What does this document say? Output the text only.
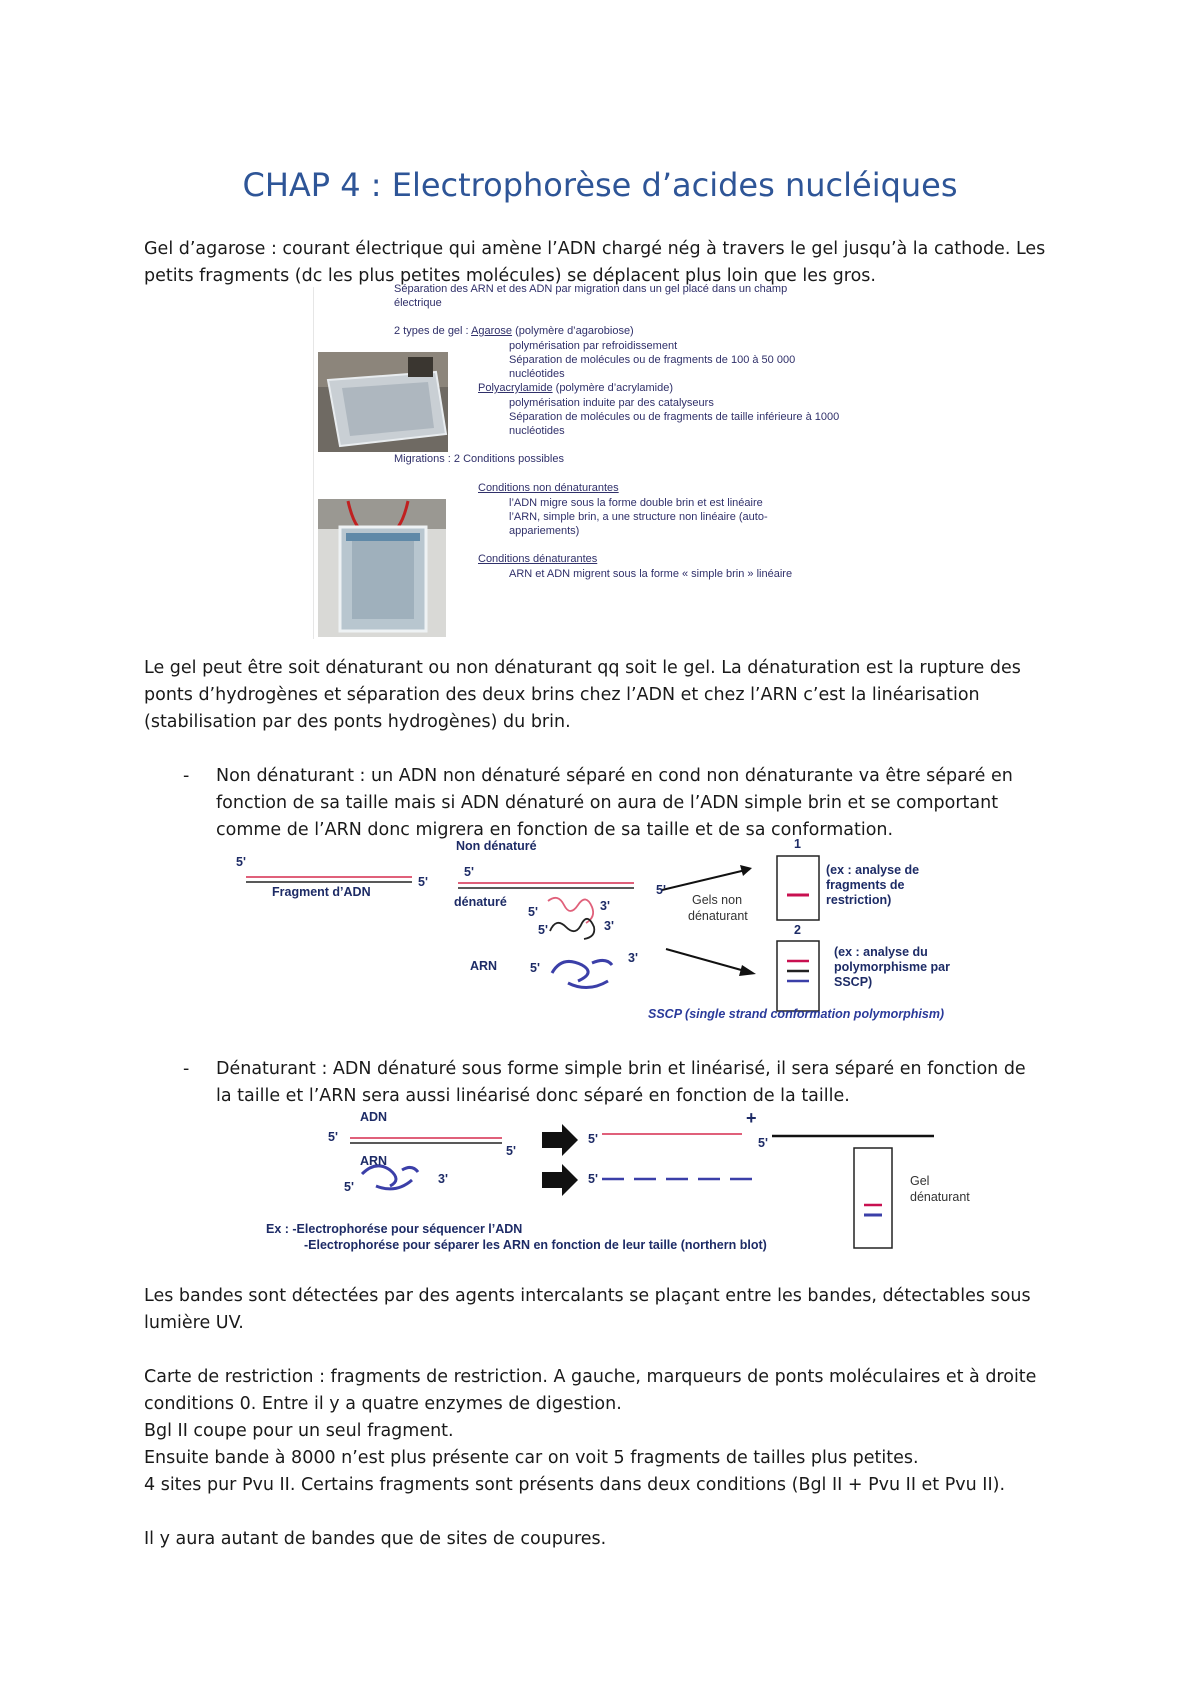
CHAP 4 : Electrophorèse d’acides nucléiques
Gel d’agarose : courant électrique qui amène l’ADN chargé nég à travers le gel jusqu’à la cathode. Les
petits fragments (dc les plus petites molécules) se déplacent plus loin que les gros.
Séparation des ARN et des ADN par migration dans un gel placé dans un champ
électrique
2 types de gel : Agarose (polymère d’agarobiose)
polymérisation par refroidissement
Séparation de molécules ou de fragments de 100 à 50 000
nucléotides
Polyacrylamide (polymère d’acrylamide)
polymérisation induite par des catalyseurs
Séparation de molécules ou de fragments de taille inférieure à 1000
nucléotides
Migrations : 2 Conditions possibles
Conditions non dénaturantes
l’ADN migre sous la forme double brin et est linéaire
l’ARN, simple brin, a une structure non linéaire (auto-
appariements)
Conditions dénaturantes
ARN et ADN migrent sous la forme « simple brin » linéaire
Le gel peut être soit dénaturant ou non dénaturant qq soit le gel. La dénaturation est la rupture des
ponts d’hydrogènes et séparation des deux brins chez l’ADN et chez l’ARN c’est la linéarisation
(stabilisation par des ponts hydrogènes) du brin.
- Non dénaturant : un ADN non dénaturé séparé en cond non dénaturante va être séparé en
fonction de sa taille mais si ADN dénaturé on aura de l’ADN simple brin et se comportant
comme de l’ARN donc migrera en fonction de sa taille et de sa conformation.
5'
5'
Fragment d’ADN
Non dénaturé
5'
5'
dénaturé
5'	3'
5'	3'
ARN	5'
3'
Gels non
dénaturant
1
2
(ex : analyse de
fragments de
restriction)
(ex : analyse du
polymorphisme par
SSCP)
SSCP (single strand conformation polymorphism)
- Dénaturant : ADN dénaturé sous forme simple brin et linéarisé, il sera séparé en fonction de
la taille et l’ARN sera aussi linéarisé donc séparé en fonction de la taille.
ADN
5'
5'
5'
+
5'
ARN
5'
3'	5'	Gel
dénaturant
Ex : -Electrophorése pour séquencer l’ADN
-Electrophorése pour séparer les ARN en fonction de leur taille (northern blot)
Les bandes sont détectées par des agents intercalants se plaçant entre les bandes, détectables sous
lumière UV.
Carte de restriction : fragments de restriction. A gauche, marqueurs de ponts moléculaires et à droite
conditions 0. Entre il y a quatre enzymes de digestion.
Bgl II coupe pour un seul fragment.
Ensuite bande à 8000 n’est plus présente car on voit 5 fragments de tailles plus petites.
4 sites pur Pvu II. Certains fragments sont présents dans deux conditions (Bgl II + Pvu II et Pvu II).
Il y aura autant de bandes que de sites de coupures.
